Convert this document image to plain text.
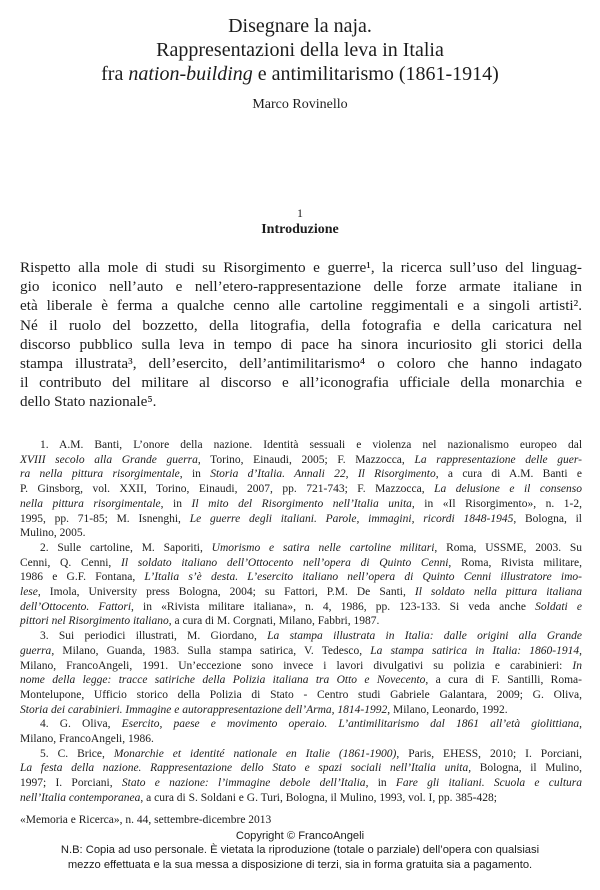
Disegnare la naja.
Rappresentazioni della leva in Italia
fra nation-building e antimilitarismo (1861-1914)
Marco Rovinello
1
Introduzione
Rispetto alla mole di studi su Risorgimento e guerre¹, la ricerca sull’uso del linguag-
gio iconico nell’auto e nell’etero-rappresentazione delle forze armate italiane in
età liberale è ferma a qualche cenno alle cartoline reggimentali e a singoli artisti².
Né il ruolo del bozzetto, della litografia, della fotografia e della caricatura nel
discorso pubblico sulla leva in tempo di pace ha sinora incuriosito gli storici della
stampa illustrata³, dell’esercito, dell’antimilitarismo⁴ o coloro che hanno indagato
il contributo del militare al discorso e all’iconografia ufficiale della monarchia e
dello Stato nazionale⁵.
1. A.M. Banti, L’onore della nazione. Identità sessuali e violenza nel nazionalismo europeo dal
XVIII secolo alla Grande guerra, Torino, Einaudi, 2005; F. Mazzocca, La rappresentazione delle guer-
ra nella pittura risorgimentale, in Storia d’Italia. Annali 22, Il Risorgimento, a cura di A.M. Banti e
P. Ginsborg, vol. XXII, Torino, Einaudi, 2007, pp. 721-743; F. Mazzocca, La delusione e il consenso
nella pittura risorgimentale, in Il mito del Risorgimento nell’Italia unita, in «Il Risorgimento», n. 1-2,
1995, pp. 71-85; M. Isnenghi, Le guerre degli italiani. Parole, immagini, ricordi 1848-1945, Bologna, il
Mulino, 2005.
2. Sulle cartoline, M. Saporiti, Umorismo e satira nelle cartoline militari, Roma, USSME, 2003. Su
Cenni, Q. Cenni, Il soldato italiano dell’Ottocento nell’opera di Quinto Cenni, Roma, Rivista militare,
1986 e G.F. Fontana, L’Italia s’è desta. L’esercito italiano nell’opera di Quinto Cenni illustratore imo-
lese, Imola, University press Bologna, 2004; su Fattori, P.M. De Santi, Il soldato nella pittura italiana
dell’Ottocento. Fattori, in «Rivista militare italiana», n. 4, 1986, pp. 123-133. Si veda anche Soldati e
pittori nel Risorgimento italiano, a cura di M. Corgnati, Milano, Fabbri, 1987.
3. Sui periodici illustrati, M. Giordano, La stampa illustrata in Italia: dalle origini alla Grande
guerra, Milano, Guanda, 1983. Sulla stampa satirica, V. Tedesco, La stampa satirica in Italia: 1860-1914,
Milano, FrancoAngeli, 1991. Un’eccezione sono invece i lavori divulgativi su polizia e carabinieri: In
nome della legge: tracce satiriche della Polizia italiana tra Otto e Novecento, a cura di F. Santilli, Roma-
Montelupone, Ufficio storico della Polizia di Stato - Centro studi Gabriele Galantara, 2009; G. Oliva,
Storia dei carabinieri. Immagine e autorappresentazione dell’Arma, 1814-1992, Milano, Leonardo, 1992.
4. G. Oliva, Esercito, paese e movimento operaio. L’antimilitarismo dal 1861 all’età giolittiana,
Milano, FrancoAngeli, 1986.
5. C. Brice, Monarchie et identité nationale en Italie (1861-1900), Paris, EHESS, 2010; I. Porciani,
La festa della nazione. Rappresentazione dello Stato e spazi sociali nell’Italia unita, Bologna, il Mulino,
1997; I. Porciani, Stato e nazione: l’immagine debole dell’Italia, in Fare gli italiani. Scuola e cultura
nell’Italia contemporanea, a cura di S. Soldani e G. Turi, Bologna, il Mulino, 1993, vol. I, pp. 385-428;
«Memoria e Ricerca», n. 44, settembre-dicembre 2013
Copyright © FrancoAngeli
N.B: Copia ad uso personale. È vietata la riproduzione (totale o parziale) dell’opera con qualsiasi
mezzo effettuata e la sua messa a disposizione di terzi, sia in forma gratuita sia a pagamento.
